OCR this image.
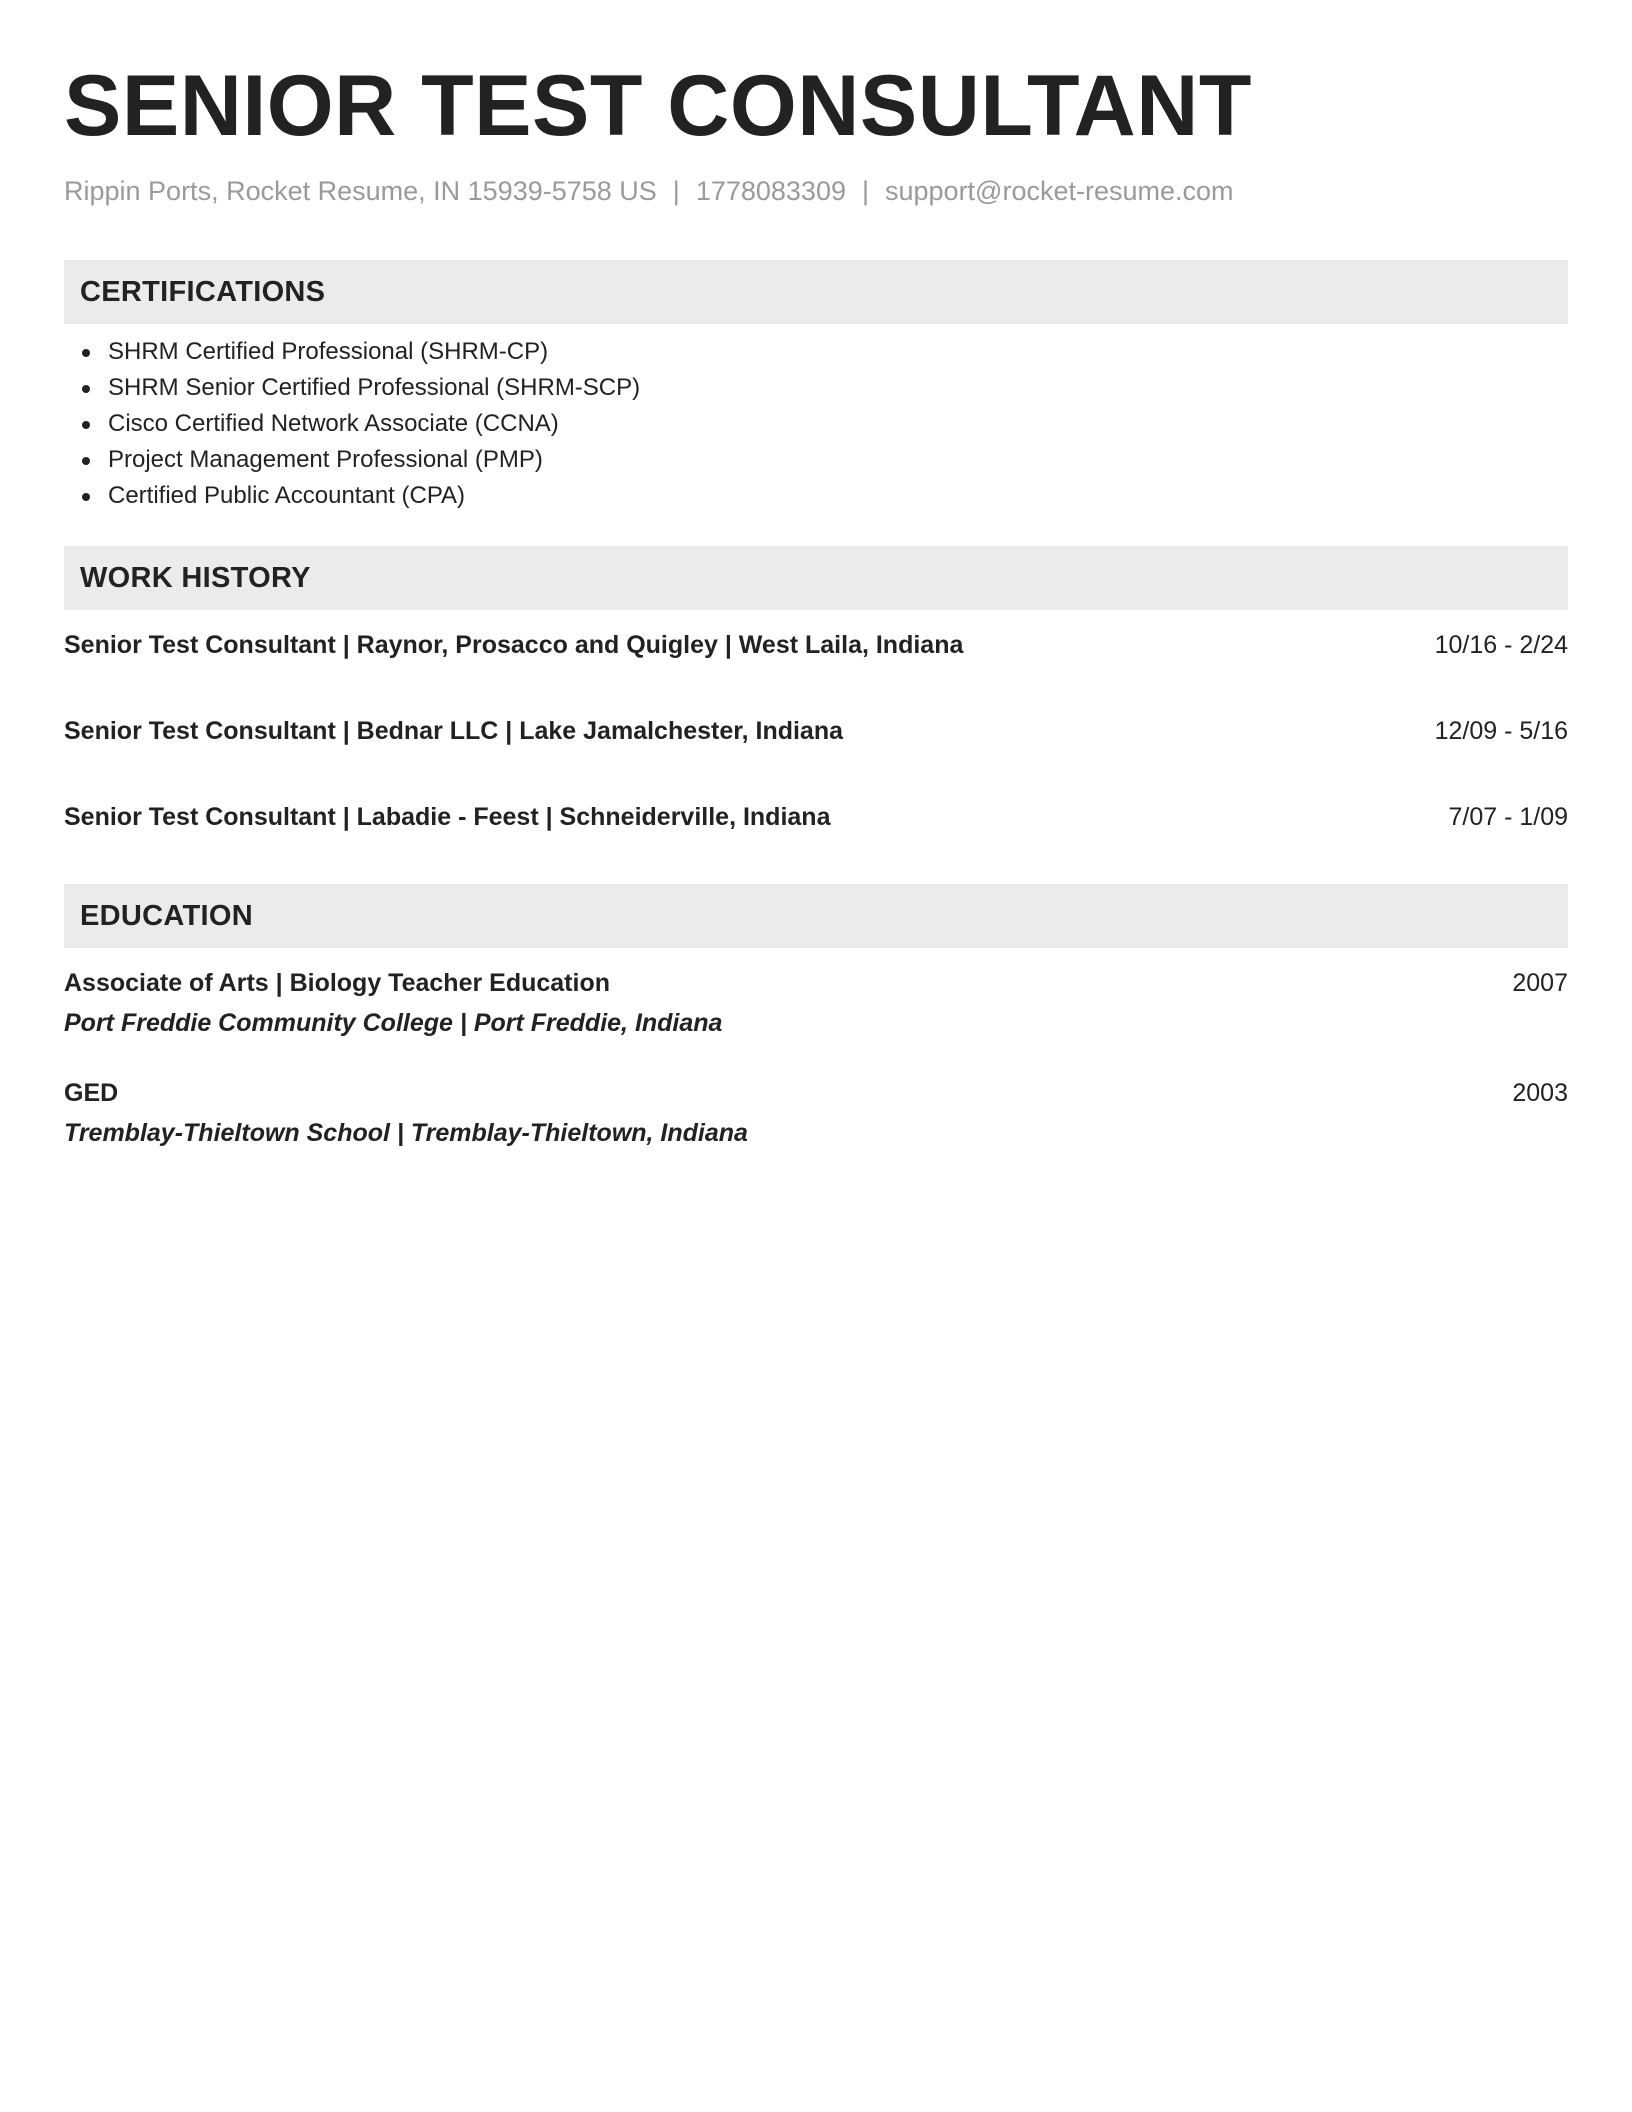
SENIOR TEST CONSULTANT
Rippin Ports, Rocket Resume, IN 15939-5758 US | 1778083309 | support@rocket-resume.com
CERTIFICATIONS
SHRM Certified Professional (SHRM-CP)
SHRM Senior Certified Professional (SHRM-SCP)
Cisco Certified Network Associate (CCNA)
Project Management Professional (PMP)
Certified Public Accountant (CPA)
WORK HISTORY
Senior Test Consultant | Raynor, Prosacco and Quigley | West Laila, Indiana	10/16 - 2/24
Senior Test Consultant | Bednar LLC | Lake Jamalchester, Indiana	12/09 - 5/16
Senior Test Consultant | Labadie - Feest | Schneiderville, Indiana	7/07 - 1/09
EDUCATION
Associate of Arts | Biology Teacher Education	2007
Port Freddie Community College | Port Freddie, Indiana
GED	2003
Tremblay-Thieltown School | Tremblay-Thieltown, Indiana
